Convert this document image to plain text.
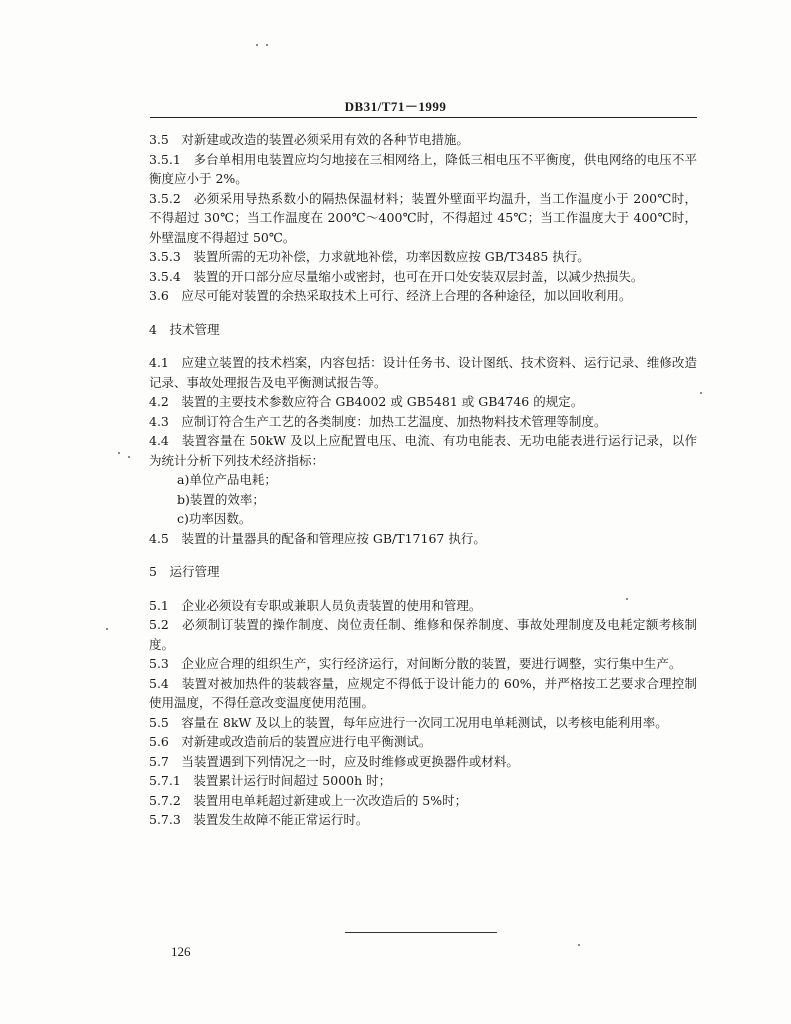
DB31/T71－1999

3.5　 对新建或改造的装置必须采用有效的各种节电措施。

3.5.1　 多台单相用电装置应均匀地接在三相网络上，降低三相电压不平衡度，供电网络的电压不平衡度应小于 2%。

3.5.2　 必须采用导热系数小的隔热保温材料；装置外壁面平均温升，当工作温度小于 200℃时，不得超过 30℃；当工作温度在 200℃～400℃时，不得超过 45℃；当工作温度大于 400℃时，外壁温度不得超过 50℃。

3.5.3　 装置所需的无功补偿，力求就地补偿，功率因数应按 GB/T3485 执行。

3.5.4　 装置的开口部分应尽量缩小或密封，也可在开口处安装双层封盖，以减少热损失。

3.6　 应尽可能对装置的余热采取技术上可行、经济上合理的各种途径，加以回收利用。

4　技术管理

4.1　 应建立装置的技术档案，内容包括：设计任务书、设计图纸、技术资料、运行记录、维修改造记录、事故处理报告及电平衡测试报告等。

4.2　 装置的主要技术参数应符合 GB4002 或 GB5481 或 GB4746 的规定。

4.3　 应制订符合生产工艺的各类制度：加热工艺温度、加热物料技术管理等制度。

4.4　 装置容量在 50kW 及以上应配置电压、电流、有功电能表、无功电能表进行运行记录，以作为统计分析下列技术经济指标：

a)单位产品电耗；

b)装置的效率；

c)功率因数。

4.5　 装置的计量器具的配备和管理应按 GB/T17167 执行。

5　运行管理

5.1　 企业必须设有专职或兼职人员负责装置的使用和管理。

5.2　 必须制订装置的操作制度、岗位责任制、维修和保养制度、事故处理制度及电耗定额考核制度。

5.3　 企业应合理的组织生产，实行经济运行，对间断分散的装置，要进行调整，实行集中生产。

5.4　 装置对被加热件的装载容量，应规定不得低于设计能力的 60%，并严格按工艺要求合理控制使用温度，不得任意改变温度使用范围。

5.5　 容量在 8kW 及以上的装置，每年应进行一次同工况用电单耗测试，以考核电能利用率。

5.6　 对新建或改造前后的装置应进行电平衡测试。

5.7　 当装置遇到下列情况之一时，应及时维修或更换器件或材料。

5.7.1　 装置累计运行时间超过 5000h 时；

5.7.2　 装置用电单耗超过新建或上一次改造后的 5%时；

5.7.3　 装置发生故障不能正常运行时。

126
